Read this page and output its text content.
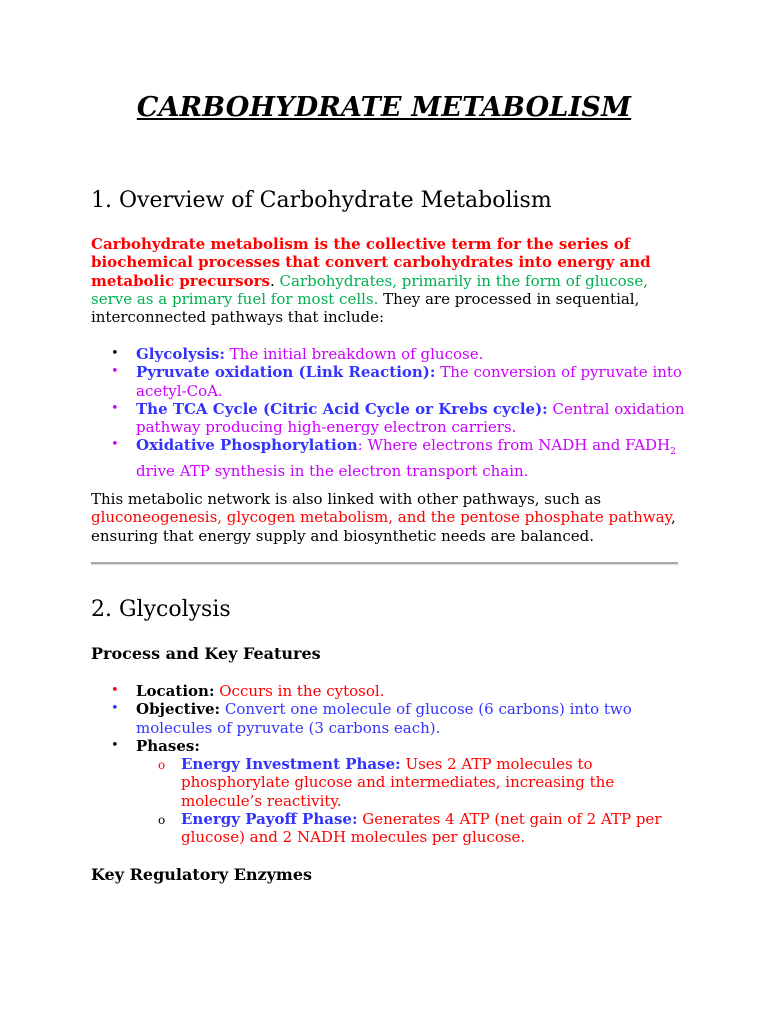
CARBOHYDRATE METABOLISM
1. Overview of Carbohydrate Metabolism

Carbohydrate metabolism is the collective term for the series of biochemical processes that convert carbohydrates into energy and metabolic precursors. Carbohydrates, primarily in the form of glucose, serve as a primary fuel for most cells. They are processed in sequential, interconnected pathways that include:

• Glycolysis: The initial breakdown of glucose.
• Pyruvate oxidation (Link Reaction): The conversion of pyruvate into acetyl-CoA.
• The TCA Cycle (Citric Acid Cycle or Krebs cycle): Central oxidation pathway producing high-energy electron carriers.
• Oxidative Phosphorylation: Where electrons from NADH and $FADH_2$ drive ATP synthesis in the electron transport chain.

This metabolic network is also linked with other pathways, such as gluconeogenesis, glycogen metabolism, and the pentose phosphate pathway, ensuring that energy supply and biosynthetic needs are balanced.

2. Glycolysis
Process and Key Features
• Location: Occurs in the cytosol.
• Objective: Convert one molecule of glucose (6 carbons) into two molecules of pyruvate (3 carbons each).
• Phases:
o Energy Investment Phase: Uses 2 ATP molecules to phosphorylate glucose and intermediates, increasing the molecule’s reactivity.
o Energy Payoff Phase: Generates 4 ATP (net gain of 2 ATP per glucose) and 2 NADH molecules per glucose.
Key Regulatory Enzymes
